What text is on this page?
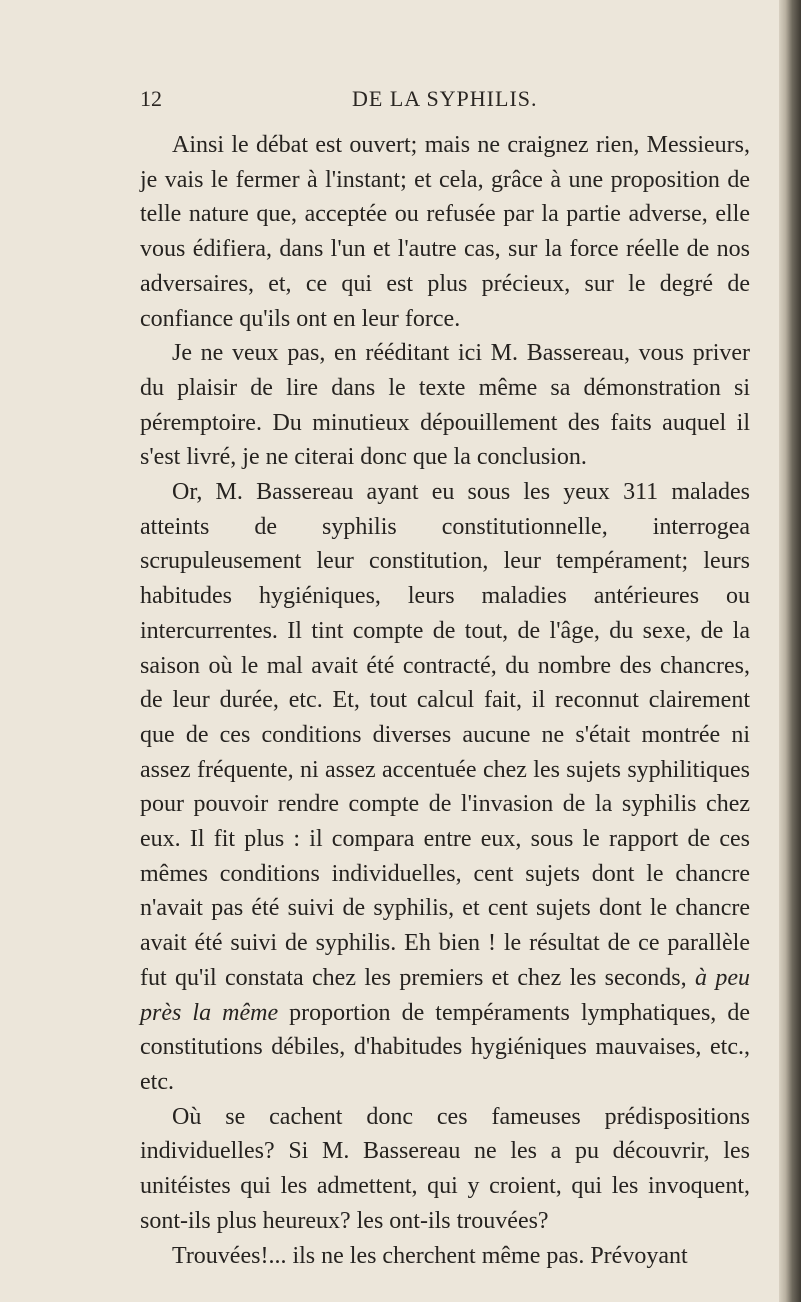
12	DE LA SYPHILIS.

Ainsi le débat est ouvert; mais ne craignez rien, Messieurs, je vais le fermer à l'instant; et cela, grâce à une proposition de telle nature que, acceptée ou refusée par la partie adverse, elle vous édifiera, dans l'un et l'autre cas, sur la force réelle de nos adversaires, et, ce qui est plus précieux, sur le degré de confiance qu'ils ont en leur force.

Je ne veux pas, en rééditant ici M. Bassereau, vous priver du plaisir de lire dans le texte même sa démonstration si péremptoire. Du minutieux dépouillement des faits auquel il s'est livré, je ne citerai donc que la conclusion.

Or, M. Bassereau ayant eu sous les yeux 311 malades atteints de syphilis constitutionnelle, interrogea scrupuleusement leur constitution, leur tempérament; leurs habitudes hygiéniques, leurs maladies antérieures ou intercurrentes. Il tint compte de tout, de l'âge, du sexe, de la saison où le mal avait été contracté, du nombre des chancres, de leur durée, etc. Et, tout calcul fait, il reconnut clairement que de ces conditions diverses aucune ne s'était montrée ni assez fréquente, ni assez accentuée chez les sujets syphilitiques pour pouvoir rendre compte de l'invasion de la syphilis chez eux. Il fit plus : il compara entre eux, sous le rapport de ces mêmes conditions individuelles, cent sujets dont le chancre n'avait pas été suivi de syphilis, et cent sujets dont le chancre avait été suivi de syphilis. Eh bien ! le résultat de ce parallèle fut qu'il constata chez les premiers et chez les seconds, à peu près la même proportion de tempéraments lymphatiques, de constitutions débiles, d'habitudes hygiéniques mauvaises, etc., etc.

Où se cachent donc ces fameuses prédispositions individuelles? Si M. Bassereau ne les a pu découvrir, les unitéistes qui les admettent, qui y croient, qui les invoquent, sont-ils plus heureux? les ont-ils trouvées?

Trouvées!... ils ne les cherchent même pas. Prévoyant
